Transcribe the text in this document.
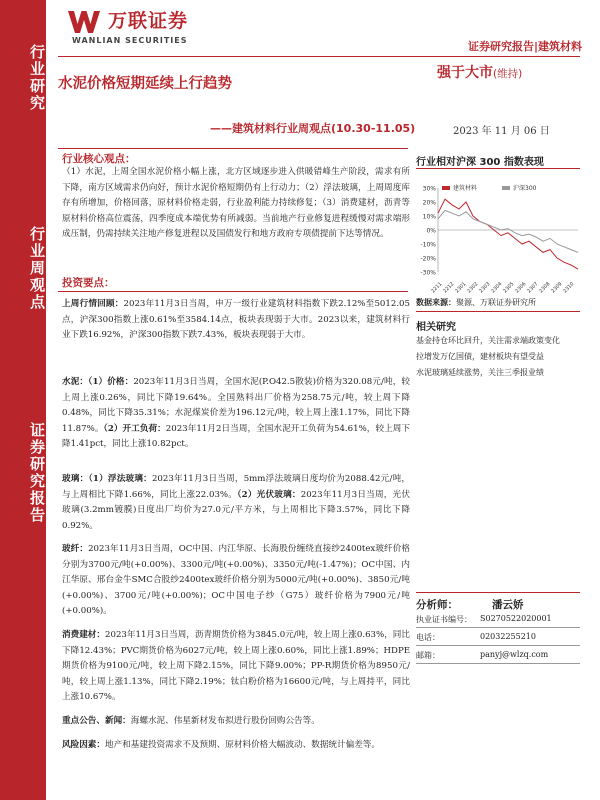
行业研究
行业周观点
证券研究报告
万联证券
WANLIAN SECURITIES	证券研究报告|建筑材料
水泥价格短期延续上行趋势
——建筑材料行业周观点(10.30-11.05)
强于大市(维持)
2023 年 11 月 06 日
行业核心观点：
（1）水泥，上周全国水泥价格小幅上涨，北方区域逐步进入供暖错峰生产阶段，需求有所下降，南方区域需求仍向好，预计水泥价格短期仍有上行动力；（2）浮法玻璃，上周周度库存有所增加，价格回落，原材料价格走弱，行业盈利能力持续修复；（3）消费建材，沥青等原材料价格高位震荡，四季度成本端优势有所减弱。当前地产行业修复进程缓慢对需求端形成压制，仍需持续关注地产修复进程以及国债发行和地方政府专项债提前下达等情况。
投资要点：
上周行情回顾：2023年11月3日当周，申万一级行业建筑材料指数下跌2.12%至5012.05点，沪深300指数上涨0.61%至3584.14点，板块表现弱于大市。2023以来，建筑材料行业下跌16.92%，沪深300指数下跌7.43%，板块表现弱于大市。
水泥：（1）价格：2023年11月3日当周，全国水泥(P.O42.5散装)价格为320.08元/吨，较上周上涨0.26%，同比下降19.64%。全国熟料出厂价格为258.75元/吨，较上周下降0.48%，同比下降35.31%；水泥煤炭价差为196.12元/吨，较上周上涨1.17%，同比下降11.87%。（2）开工负荷：2023年11月2日当周，全国水泥开工负荷为54.61%，较上周下降1.41pct，同比上涨10.82pct。
玻璃：（1）浮法玻璃：2023年11月3日当周，5mm浮法玻璃日度均价为2088.42元/吨，与上周相比下降1.66%，同比上涨22.03%。（2）光伏玻璃：2023年11月3日当周，光伏玻璃(3.2mm镀膜)日度出厂均价为27.0元/平方米，与上周相比下降3.57%，同比下降0.92%。
玻纤：2023年11月3日当周，OC中国、内江华原、长海股份缠绕直接纱2400tex玻纤价格分别为3700元/吨(+0.00%)、3300元/吨(+0.00%)、3350元/吨(-1.47%)；OC中国、内江华原、邢台金牛SMC合股纱2400tex玻纤价格分别为5000元/吨(+0.00%)、3850元/吨(+0.00%)、3700元/吨(+0.00%)；OC中国电子纱（G75）玻纤价格为7900元/吨(+0.00%)。
消费建材：2023年11月3日当周，沥青期货价格为3845.0元/吨，较上周上涨0.63%，同比下降12.43%；PVC期货价格为6027元/吨，较上周上涨0.60%，同比上涨1.89%；HDPE期货价格为9100元/吨，较上周下降2.15%，同比下降9.00%；PP-R期货价格为8950元/吨，较上周上涨1.13%，同比下降2.19%；钛白粉价格为16600元/吨，与上周持平，同比上涨10.67%。
重点公告、新闻：海螺水泥、伟星新材发布拟进行股份回购公告等。
风险因素：地产和基建投资需求不及预期、原材料价格大幅波动、数据统计偏差等。
行业相对沪深 300 指数表现
30%
20%
10%
0%
-10%
-20%
-30%
2211
2212
2301
2302
2303
2304
2305
2306
2307
2308
2309
2310
建筑材料	沪深300
数据来源：聚源、万联证券研究所
相关研究
基金持仓环比回升，关注需求端政策变化
拉增发万亿国债，建材板块有望受益
水泥玻璃延续涨势，关注三季报业绩
分析师：	潘云娇
执业证书编号： S0270522020001
电话：	02032255210
邮箱：	panyj@wlzq.com
